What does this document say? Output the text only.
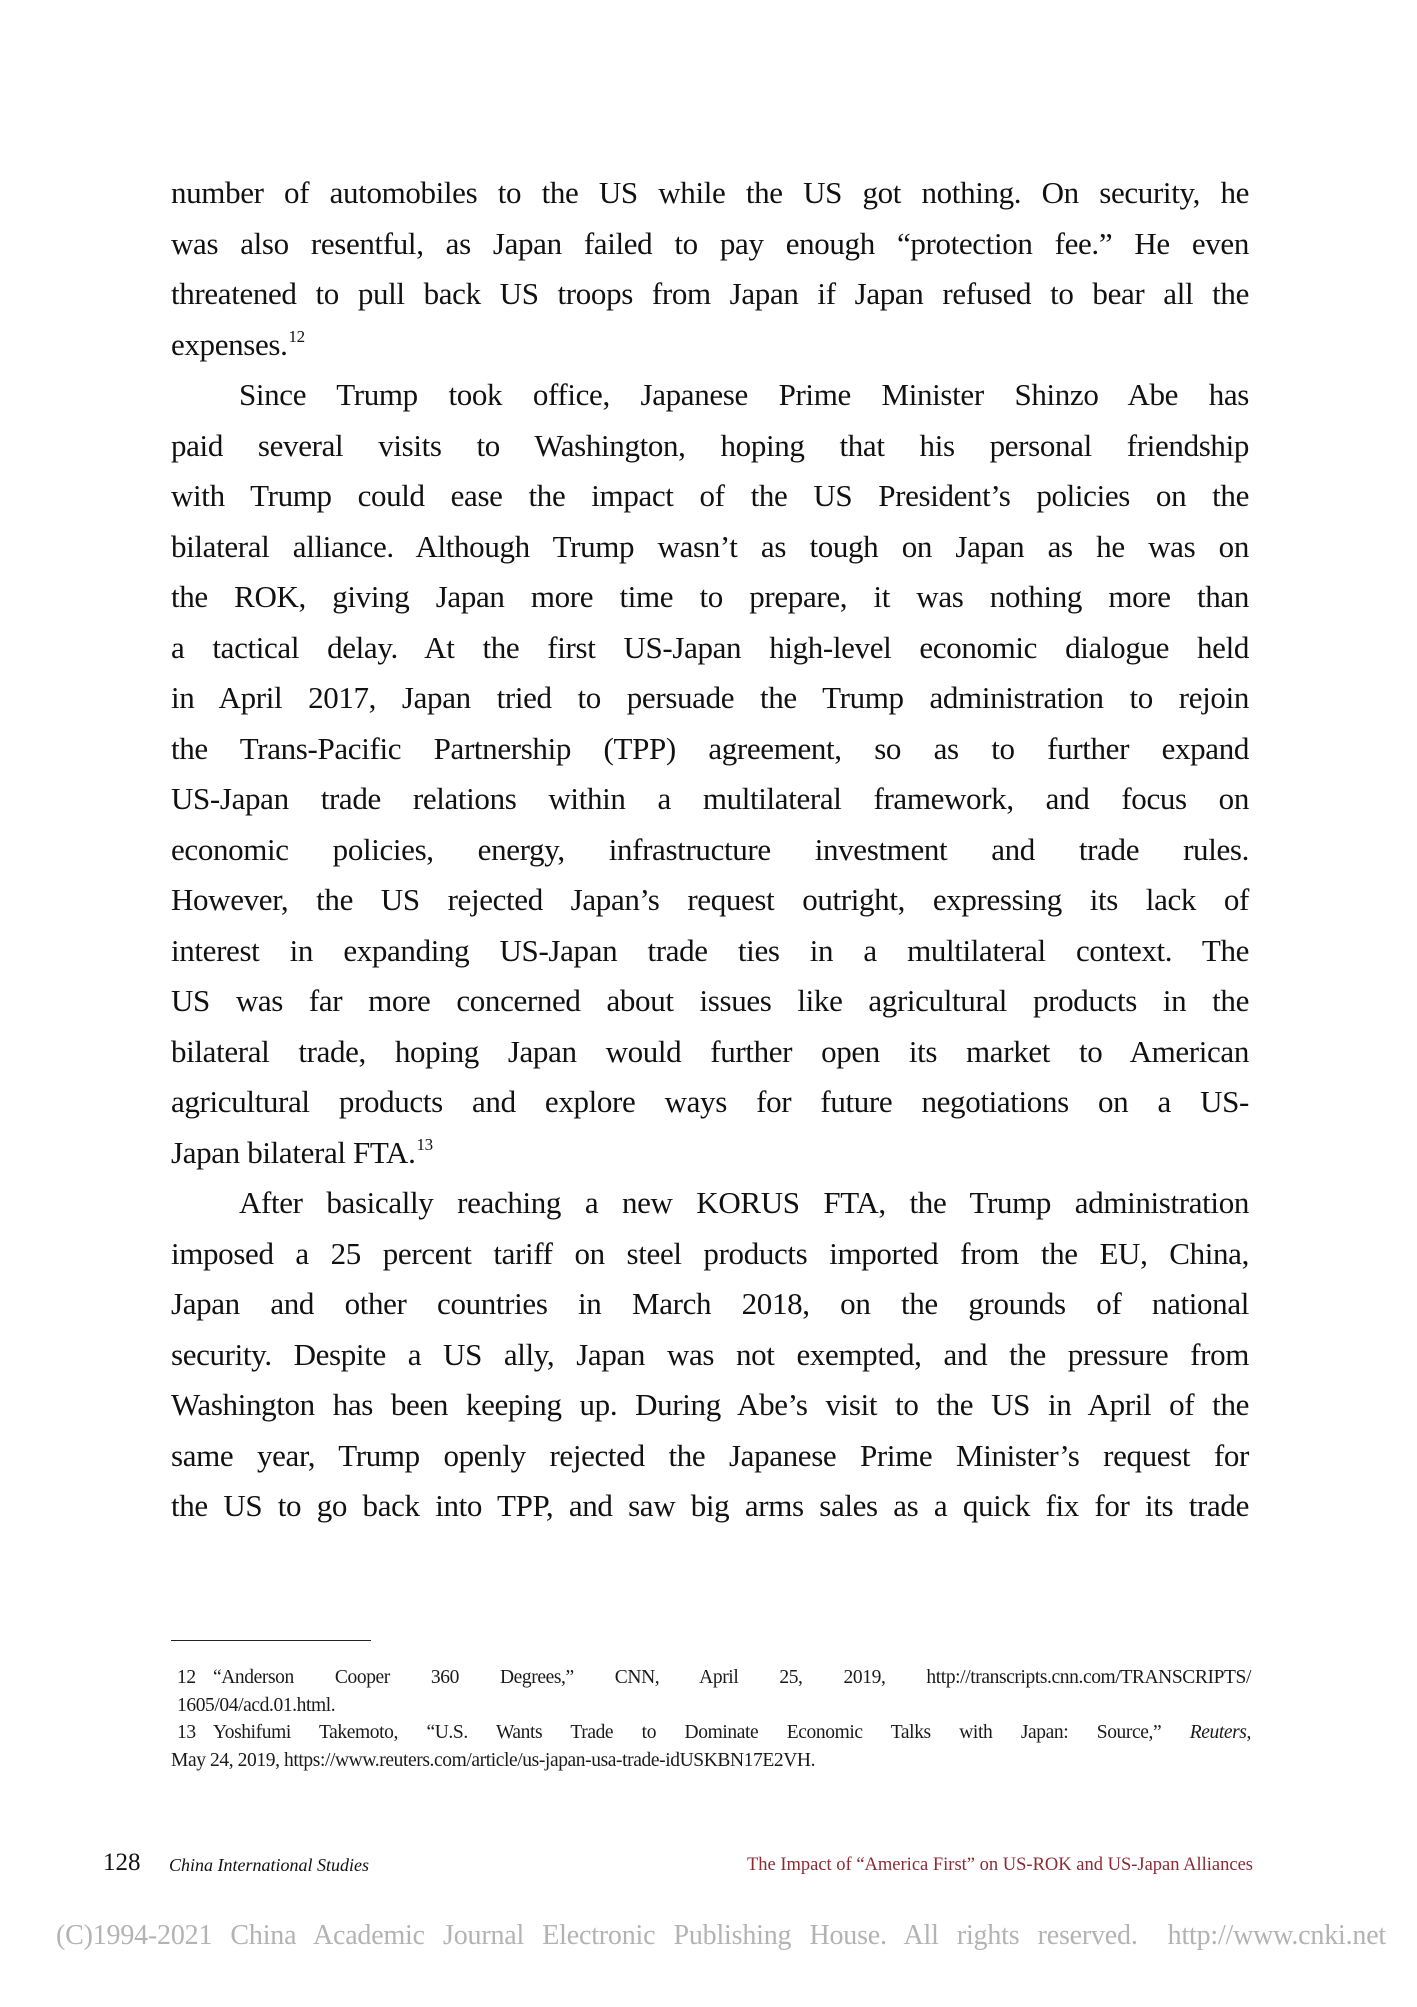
number of automobiles to the US while the US got nothing. On security, he
was also resentful, as Japan failed to pay enough “protection fee.” He even
threatened to pull back US troops from Japan if Japan refused to bear all the
expenses.$^{12}$
Since Trump took office, Japanese Prime Minister Shinzo Abe has
paid several visits to Washington, hoping that his personal friendship
with Trump could ease the impact of the US President’s policies on the
bilateral alliance. Although Trump wasn’t as tough on Japan as he was on
the ROK, giving Japan more time to prepare, it was nothing more than
a tactical delay. At the first US-Japan high-level economic dialogue held
in April 2017, Japan tried to persuade the Trump administration to rejoin
the Trans-Pacific Partnership (TPP) agreement, so as to further expand
US-Japan trade relations within a multilateral framework, and focus on
economic policies, energy, infrastructure investment and trade rules.
However, the US rejected Japan’s request outright, expressing its lack of
interest in expanding US-Japan trade ties in a multilateral context. The
US was far more concerned about issues like agricultural products in the
bilateral trade, hoping Japan would further open its market to American
agricultural products and explore ways for future negotiations on a US-
Japan bilateral FTA.$^{13}$
After basically reaching a new KORUS FTA, the Trump administration
imposed a 25 percent tariff on steel products imported from the EU, China,
Japan and other countries in March 2018, on the grounds of national
security. Despite a US ally, Japan was not exempted, and the pressure from
Washington has been keeping up. During Abe’s visit to the US in April of the
same year, Trump openly rejected the Japanese Prime Minister’s request for
the US to go back into TPP, and saw big arms sales as a quick fix for its trade
12 “Anderson Cooper 360 Degrees,” CNN, April 25, 2019, http://transcripts.cnn.com/TRANSCRIPTS/
1605/04/acd.01.html.
13 Yoshifumi Takemoto, “U.S. Wants Trade to Dominate Economic Talks with Japan: Source,” Reuters,
May 24, 2019, https://www.reuters.com/article/us-japan-usa-trade-idUSKBN17E2VH.
128 China International Studies	The Impact of “America First” on US-ROK and US-Japan Alliances
(C)1994-2021 China Academic Journal Electronic Publishing House. All rights reserved. http://www.cnki.net
